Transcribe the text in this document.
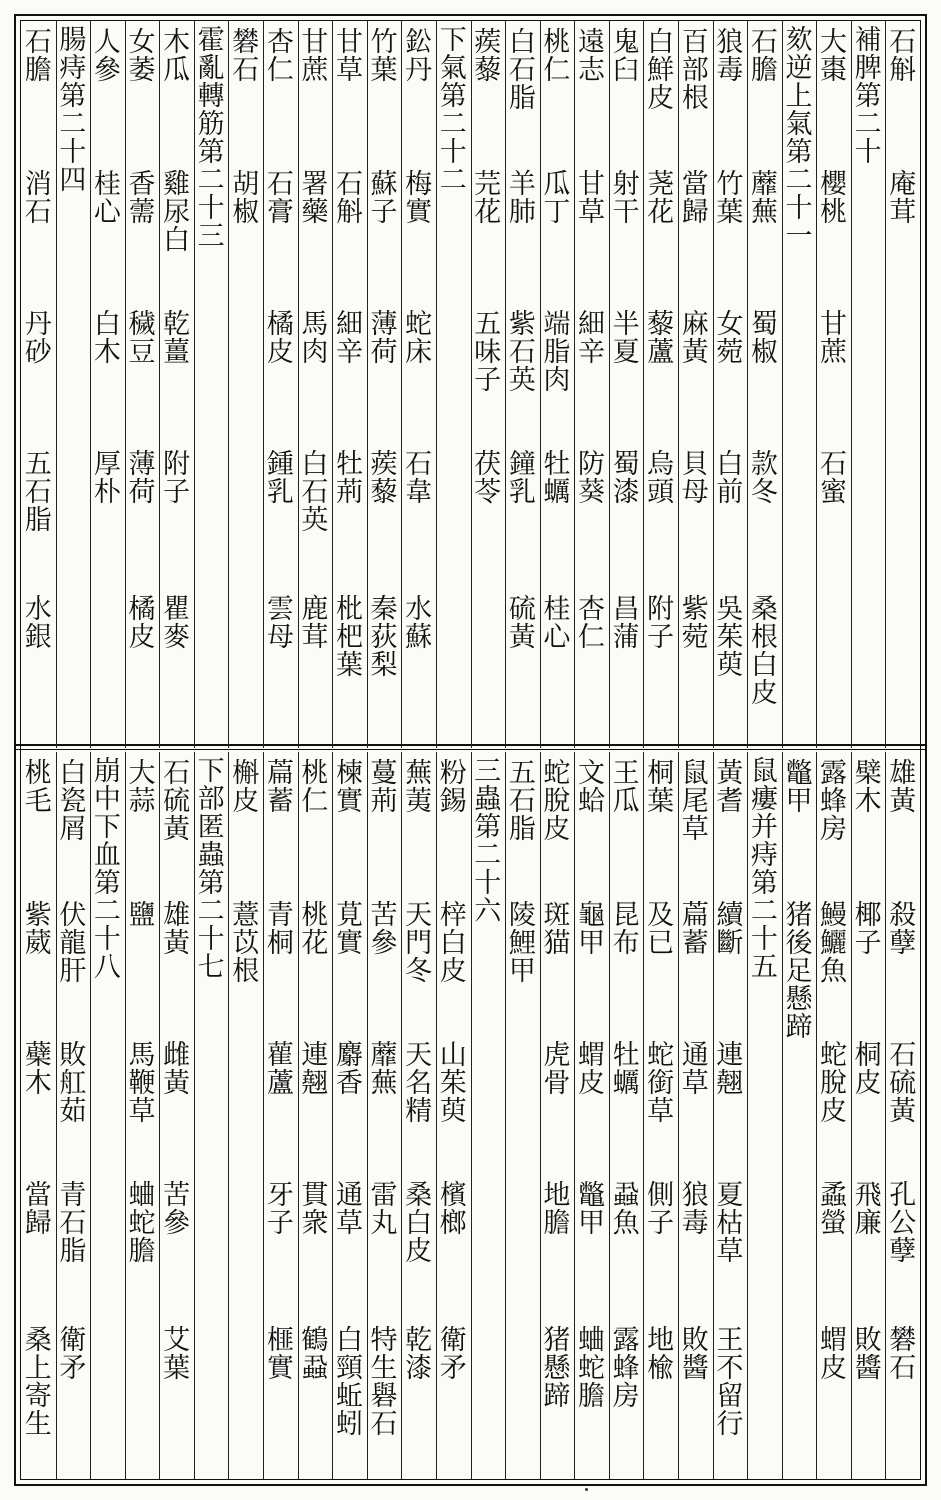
石
斛
庵
茸
補
脾
第
二
十
大
棗
櫻
桃
甘
蔗
石
蜜
欬
逆
上
氣
第
二
十
一
石
膽
蘼
蕪
蜀
椒
款
冬
桑
根
白
皮
狼
毒
竹
葉
女
菀
白
前
吳
茱
萸
百
部
根
當
歸
麻
黃
貝
母
紫
菀
白
鮮
皮
荛
花
藜
蘆
烏
頭
附
子
鬼
臼
射
干
半
夏
蜀
漆
昌
蒲
遠
志
甘
草
細
辛
防
葵
杏
仁
桃
仁
瓜
丁
端
脂
肉
牡
蠣
桂
心
白
石
脂
羊
肺
紫
石
英
鐘
乳
硫
黃
蒺
藜
芫
花
五
味
子
茯
苓
下
氣
第
二
十
二
鈆
丹
梅
實
蛇
床
石
韋
水
蘇
竹
葉
蘇
子
薄
荷
蒺
藜
秦
荻
梨
甘
草
石
斛
細
辛
牡
荊
枇
杷
葉
甘
蔗
署
藥
馬
肉
白
石
英
鹿
茸
杏
仁
石
膏
橘
皮
鍾
乳
雲
母
礬
石
胡
椒
霍
亂
轉
筋
第
二
十
三
木
瓜
雞
尿
白
乾
薑
附
子
瞿
麥
女
萎
香
薷
穢
豆
薄
荷
橘
皮
人
參
桂
心
白
木
厚
朴
腸
痔
第
二
十
四
石
膽
消
石
丹
砂
五
石
脂
水
銀
雄
黃
殺
孽
石
硫
黃
孔
公
孽
礬
石
檗
木
椰
子
桐
皮
飛
廉
敗
醬
露
蜂
房
鰻
鱺
魚
蛇
脫
皮
蟊
螢
蝟
皮
鼈
甲
猪
後
足
懸
蹄
鼠
瘻
并
痔
第
二
十
五
黃
耆
續
斷
連
翹
夏
枯
草
王
不
留
行
鼠
尾
草
萹
蓄
通
草
狼
毒
敗
醬
桐
葉
及
已
蛇
銜
草
側
子
地
楡
王
瓜
昆
布
牡
蠣
蝨
魚
露
蜂
房
文
蛤
龜
甲
蝟
皮
鼈
甲
蛐
蛇
膽
蛇
脫
皮
斑
猫
虎
骨
地
膽
猪
懸
蹄
五
石
脂
陵
鯉
甲
三
蟲
第
二
十
六
粉
錫
梓
白
皮
山
茱
萸
檳
榔
衛
矛
蕪
荑
天
門
冬
天
名
精
桑
白
皮
乾
漆
蔓
荊
苦
參
蘼
蕪
雷
丸
特
生
礜
石
楝
實
莧
實
麝
香
通
草
白
頸
蚯
蚓
桃
仁
桃
花
連
翹
貫
衆
鶴
蝨
萹
蓄
青
桐
雚
蘆
牙
子
榧
實
槲
皮
薏
苡
根
下
部
匿
蟲
第
二
十
七
石
硫
黃
雄
黃
雌
黃
苦
參
艾
葉
大
蒜
鹽
馬
鞭
草
蛐
蛇
膽
崩
中
下
血
第
二
十
八
白
瓷
屑
伏
龍
肝
敗
舡
茹
青
石
脂
衛
矛
桃
毛
紫
葳
蘗
木
當
歸
桑
上
寄
生
